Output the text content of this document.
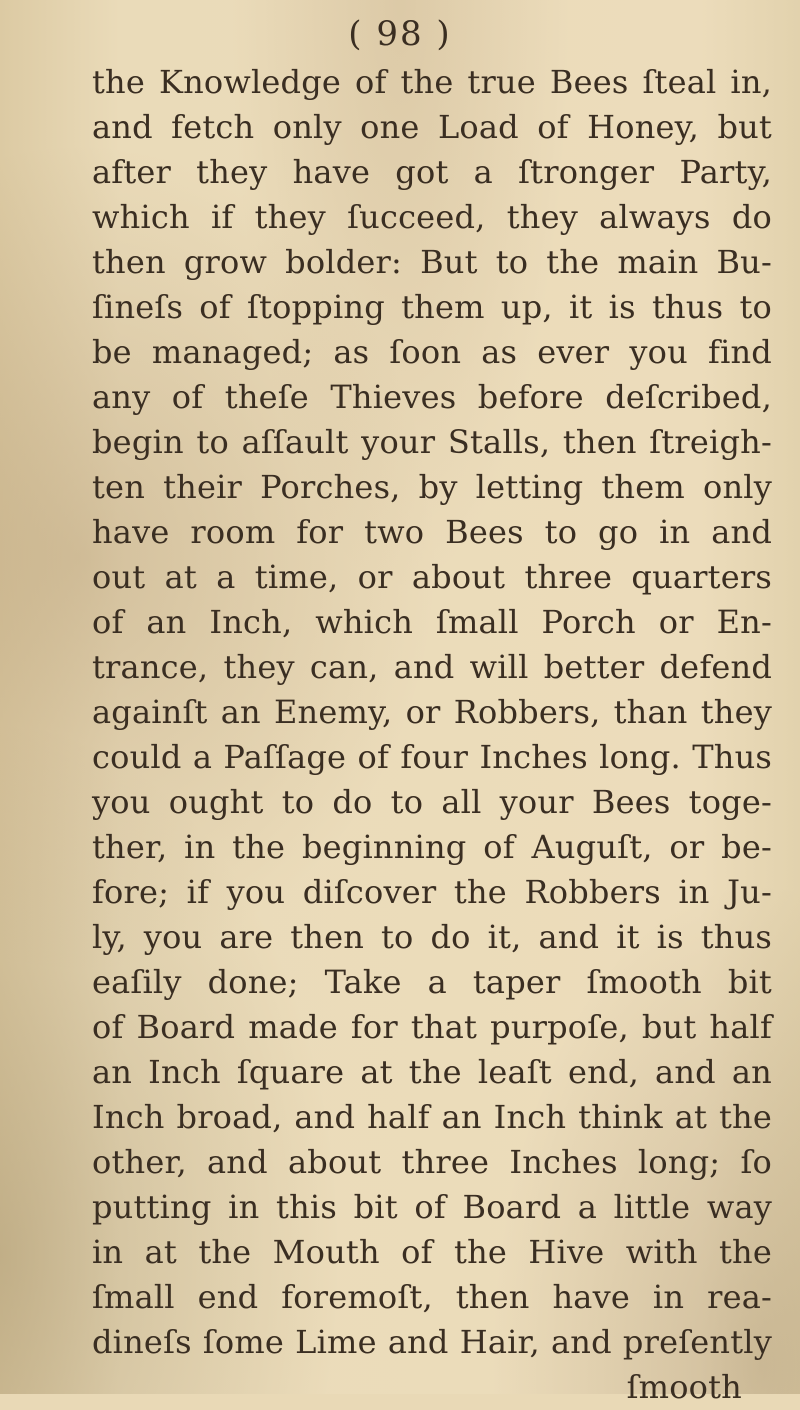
( 98 )
the Knowledge of the true Bees ſteal in,
and fetch only one Load of Honey, but
after they have got a ſtronger Party,
which if they ſucceed, they always do
then grow bolder: But to the main Bu-
ſineſs of ſtopping them up, it is thus to
be managed; as ſoon as ever you find
any of theſe Thieves before deſcribed,
begin to aſſault your Stalls, then ſtreigh-
ten their Porches, by letting them only
have room for two Bees to go in and
out at a time, or about three quarters
of an Inch, which ſmall Porch or En-
trance, they can, and will better defend
againſt an Enemy, or Robbers, than they
could a Paſſage of four Inches long. Thus
you ought to do to all your Bees toge-
ther, in the beginning of Auguſt, or be-
fore; if you diſcover the Robbers in Ju-
ly, you are then to do it, and it is thus
eaſily done; Take a taper ſmooth bit
of Board made for that purpoſe, but half
an Inch ſquare at the leaſt end, and an
Inch broad, and half an Inch think at the
other, and about three Inches long; ſo
putting in this bit of Board a little way
in at the Mouth of the Hive with the
ſmall end foremoſt, then have in rea-
dineſs ſome Lime and Hair, and preſently
ſmooth
